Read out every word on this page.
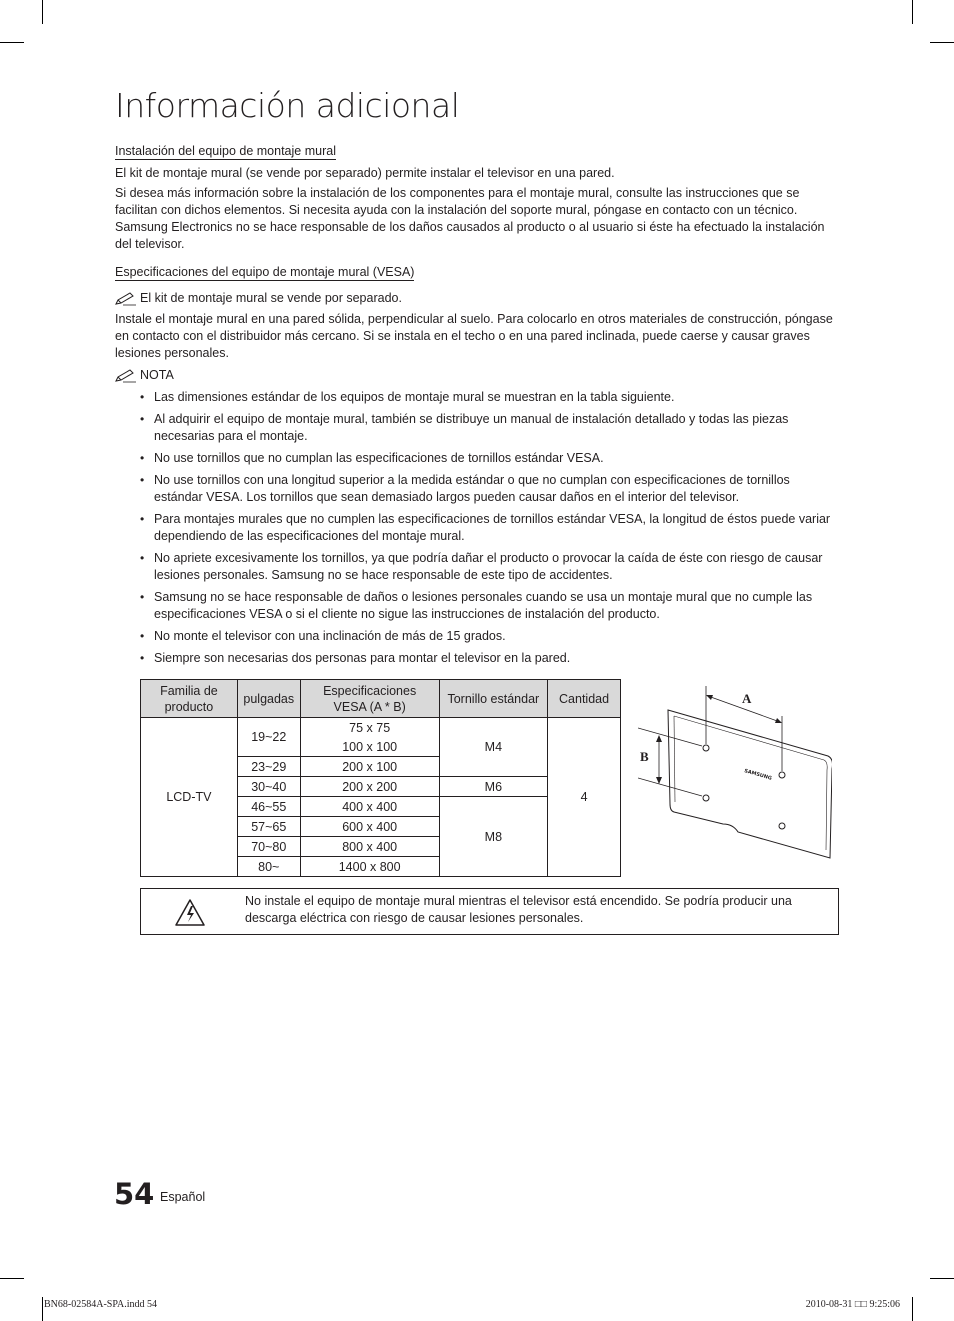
Información adicional

Instalación del equipo de montaje mural

El kit de montaje mural (se vende por separado) permite instalar el televisor en una pared.

Si desea más información sobre la instalación de los componentes para el montaje mural, consulte las instrucciones que se facilitan con dichos elementos. Si necesita ayuda con la instalación del soporte mural, póngase en contacto con un técnico. Samsung Electronics no se hace responsable de los daños causados al producto o al usuario si éste ha efectuado la instalación del televisor.

Especificaciones del equipo de montaje mural (VESA)

El kit de montaje mural se vende por separado.

Instale el montaje mural en una pared sólida, perpendicular al suelo. Para colocarlo en otros materiales de construcción, póngase en contacto con el distribuidor más cercano. Si se instala en el techo o en una pared inclinada, puede caerse y causar graves lesiones personales.

NOTA
• Las dimensiones estándar de los equipos de montaje mural se muestran en la tabla siguiente.
• Al adquirir el equipo de montaje mural, también se distribuye un manual de instalación detallado y todas las piezas necesarias para el montaje.
• No use tornillos que no cumplan las especificaciones de tornillos estándar VESA.
• No use tornillos con una longitud superior a la medida estándar o que no cumplan con especificaciones de tornillos estándar VESA. Los tornillos que sean demasiado largos pueden causar daños en el interior del televisor.
• Para montajes murales que no cumplen las especificaciones de tornillos estándar VESA, la longitud de éstos puede variar dependiendo de las especificaciones del montaje mural.
• No apriete excesivamente los tornillos, ya que podría dañar el producto o provocar la caída de éste con riesgo de causar lesiones personales. Samsung no se hace responsable de este tipo de accidentes.
• Samsung no se hace responsable de daños o lesiones personales cuando se usa un montaje mural que no cumple las especificaciones VESA o si el cliente no sigue las instrucciones de instalación del producto.
• No monte el televisor con una inclinación de más de 15 grados.
• Siempre son necesarias dos personas para montar el televisor en la pared.
Familia de producto	pulgadas	Especificaciones VESA (A * B)	Tornillo estándar	Cantidad
LCD-TV	19~22	75 x 75	M4	4
		100 x 100		
	23~29	200 x 100		
	30~40	200 x 200	M6	
	46~55	400 x 400	M8	
	57~65	600 x 400		
	70~80	800 x 400		
	80~	1400 x 800		
A
B
SAMSUNG

No instale el equipo de montaje mural mientras el televisor está encendido. Se podría producir una descarga eléctrica con riesgo de causar lesiones personales.

54 Español

BN68-02584A-SPA.indd 54	2010-08-31 □□ 9:25:06
